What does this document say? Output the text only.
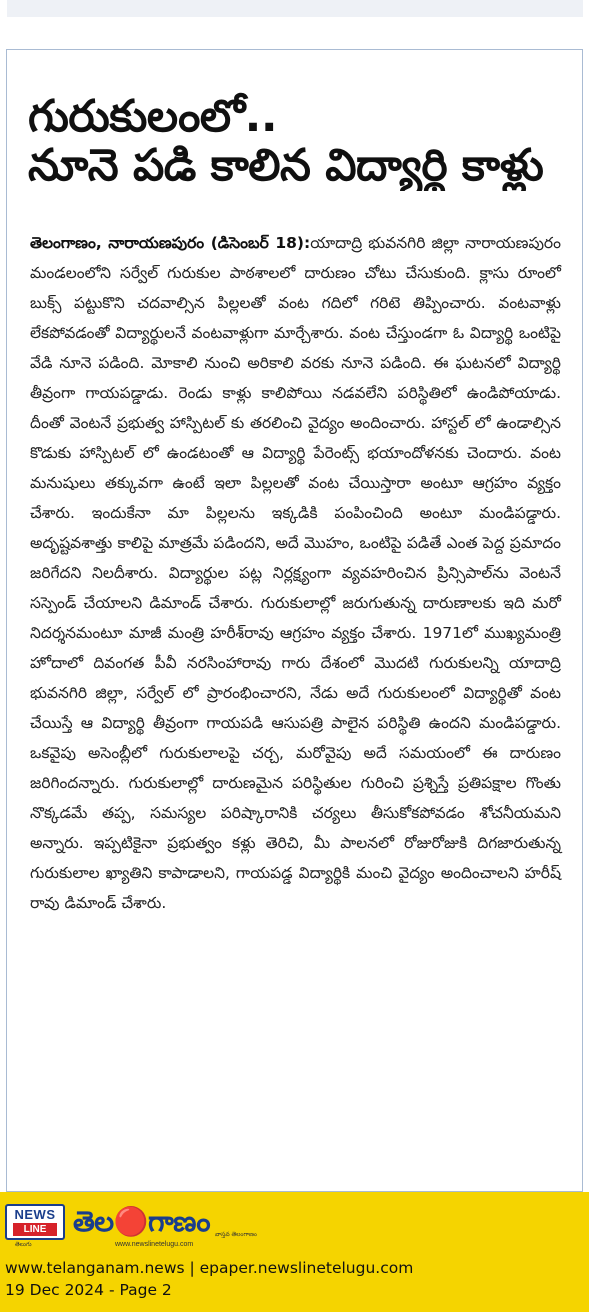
గురుకులంలో..
నూనె పడి కాలిన విద్యార్థి కాళ్లు
తెలంగాణం, నారాయణపురం (డిసెంబర్ 18):యాదాద్రి భువనగిరి జిల్లా నారాయణపురం మండలంలోని సర్వేల్ గురుకుల పాఠశాలలో దారుణం చోటు చేసుకుంది. క్లాసు రూంలో బుక్స్ పట్టుకొని చదవాల్సిన పిల్లలతో వంట గదిలో గరిటె తిప్పించారు. వంటవాళ్లు లేకపోవడంతో విద్యార్థులనే వంటవాళ్లుగా మార్చేశారు. వంట చేస్తుండగా ఓ విద్యార్థి ఒంటిపై వేడి నూనె పడింది. మోకాలి నుంచి అరికాలి వరకు నూనె పడింది. ఈ ఘటనలో విద్యార్థి తీవ్రంగా గాయపడ్డాడు. రెండు కాళ్లు కాలిపోయి నడవలేని పరిస్థితిలో ఉండిపోయాడు. దీంతో వెంటనే ప్రభుత్వ హాస్పిటల్ కు తరలించి వైద్యం అందించారు. హాస్టల్ లో ఉండాల్సిన కొడుకు హాస్పిటల్ లో ఉండటంతో ఆ విద్యార్థి పేరెంట్స్ భయాందోళనకు చెందారు. వంట మనుషులు తక్కువగా ఉంటే ఇలా పిల్లలతో వంట చేయిస్తారా అంటూ ఆగ్రహం వ్యక్తం చేశారు. ఇందుకేనా మా పిల్లలను ఇక్కడికి పంపించింది అంటూ మండిపడ్డారు. అదృష్టవశాత్తు కాలిపై మాత్రమే పడిందని, అదే మొహం, ఒంటిపై పడితే ఎంత పెద్ద ప్రమాదం జరిగేదని నిలదీశారు. విద్యార్థుల పట్ల నిర్లక్ష్యంగా వ్యవహరించిన ప్రిన్సిపాల్‌ను వెంటనే సస్పెండ్ చేయాలని డిమాండ్ చేశారు. గురుకులాల్లో జరుగుతున్న దారుణాలకు ఇది మరో నిదర్శనమంటూ మాజీ మంత్రి హరీశ్‌రావు ఆగ్రహం వ్యక్తం చేశారు. 1971లో ముఖ్యమంత్రి హోదాలో దివంగత పీవీ నరసింహారావు గారు దేశంలో మొదటి గురుకులన్ని యాదాద్రి భువనగిరి జిల్లా, సర్వేల్ లో ప్రారంభించారని, నేడు అదే గురుకులంలో విద్యార్థితో వంట చేయిస్తే ఆ విద్యార్థి తీవ్రంగా గాయపడి ఆసుపత్రి పాలైన పరిస్థితి ఉందని మండిపడ్డారు. ఒకవైపు అసెంబ్లీలో గురుకులాలపై చర్చ, మరోవైపు అదే సమయంలో ఈ దారుణం జరిగిందన్నారు. గురుకులాల్లో దారుణమైన పరిస్థితుల గురించి ప్రశ్నిస్తే ప్రతిపక్షాల గొంతు నొక్కడమే తప్ప, సమస్యల పరిష్కారానికి చర్యలు తీసుకోకపోవడం శోచనీయమని అన్నారు. ఇప్పటికైనా ప్రభుత్వం కళ్లు తెరిచి, మీ పాలనలో రోజురోజుకి దిగజారుతున్న గురుకులాల ఖ్యాతిని కాపాడాలని, గాయపడ్డ విద్యార్థికి మంచి వైద్యం అందించాలని హరీష్ రావు డిమాండ్ చేశారు.
NEWS
LINE
తెలుగు
తెల🔴గాణం వాస్తవ తెలంగాణం
www.newslinetelugu.com
www.telanganam.news | epaper.newslinetelugu.com
19 Dec 2024 - Page 2
